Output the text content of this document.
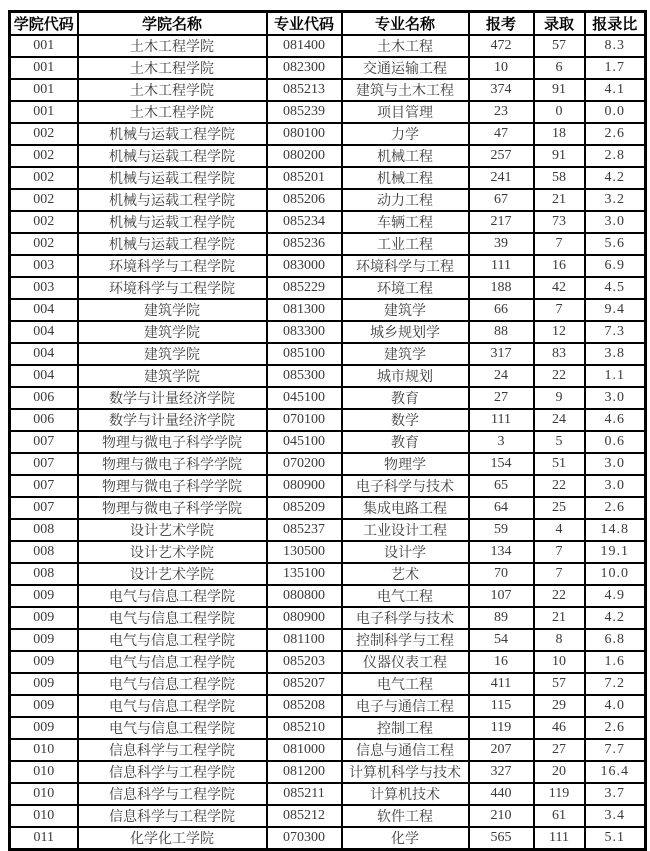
学院代码	学院名称	专业代码	专业名称	报考	录取	报录比
001	土木工程学院	081400	土木工程	472	57	8.3
001	土木工程学院	082300	交通运输工程	10	6	1.7
001	土木工程学院	085213	建筑与土木工程	374	91	4.1
001	土木工程学院	085239	项目管理	23	0	0.0
002	机械与运载工程学院	080100	力学	47	18	2.6
002	机械与运载工程学院	080200	机械工程	257	91	2.8
002	机械与运载工程学院	085201	机械工程	241	58	4.2
002	机械与运载工程学院	085206	动力工程	67	21	3.2
002	机械与运载工程学院	085234	车辆工程	217	73	3.0
002	机械与运载工程学院	085236	工业工程	39	7	5.6
003	环境科学与工程学院	083000	环境科学与工程	111	16	6.9
003	环境科学与工程学院	085229	环境工程	188	42	4.5
004	建筑学院	081300	建筑学	66	7	9.4
004	建筑学院	083300	城乡规划学	88	12	7.3
004	建筑学院	085100	建筑学	317	83	3.8
004	建筑学院	085300	城市规划	24	22	1.1
006	数学与计量经济学院	045100	教育	27	9	3.0
006	数学与计量经济学院	070100	数学	111	24	4.6
007	物理与微电子科学学院	045100	教育	3	5	0.6
007	物理与微电子科学学院	070200	物理学	154	51	3.0
007	物理与微电子科学学院	080900	电子科学与技术	65	22	3.0
007	物理与微电子科学学院	085209	集成电路工程	64	25	2.6
008	设计艺术学院	085237	工业设计工程	59	4	14.8
008	设计艺术学院	130500	设计学	134	7	19.1
008	设计艺术学院	135100	艺术	70	7	10.0
009	电气与信息工程学院	080800	电气工程	107	22	4.9
009	电气与信息工程学院	080900	电子科学与技术	89	21	4.2
009	电气与信息工程学院	081100	控制科学与工程	54	8	6.8
009	电气与信息工程学院	085203	仪器仪表工程	16	10	1.6
009	电气与信息工程学院	085207	电气工程	411	57	7.2
009	电气与信息工程学院	085208	电子与通信工程	115	29	4.0
009	电气与信息工程学院	085210	控制工程	119	46	2.6
010	信息科学与工程学院	081000	信息与通信工程	207	27	7.7
010	信息科学与工程学院	081200	计算机科学与技术	327	20	16.4
010	信息科学与工程学院	085211	计算机技术	440	119	3.7
010	信息科学与工程学院	085212	软件工程	210	61	3.4
011	化学化工学院	070300	化学	565	111	5.1
